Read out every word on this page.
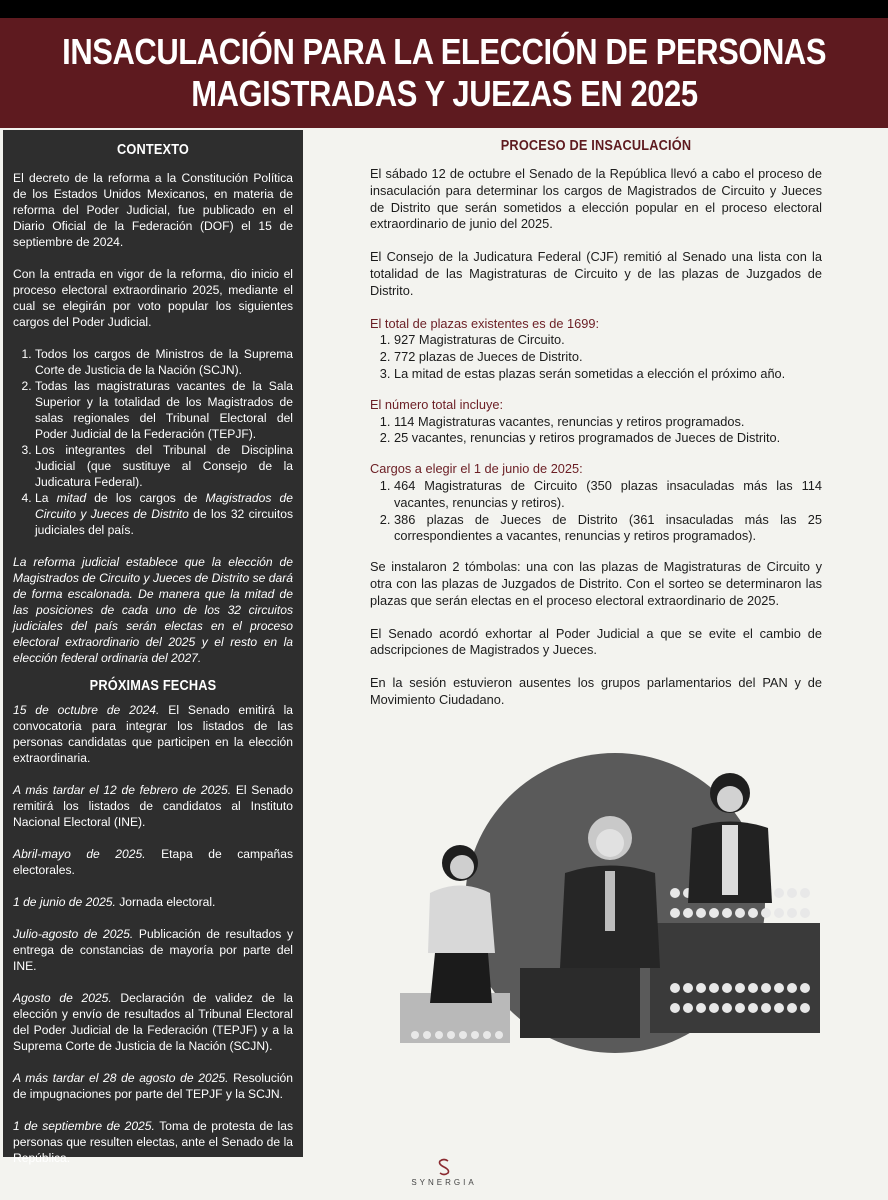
INSACULACIÓN PARA LA ELECCIÓN DE PERSONAS
MAGISTRADAS Y JUEZAS EN 2025
CONTEXTO

El decreto de la reforma a la Constitución Política de los Estados Unidos Mexicanos, en materia de reforma del Poder Judicial, fue publicado en el Diario Oficial de la Federación (DOF) el 15 de septiembre de 2024.

Con la entrada en vigor de la reforma, dio inicio el proceso electoral extraordinario 2025, mediante el cual se elegirán por voto popular los siguientes cargos del Poder Judicial.

1. Todos los cargos de Ministros de la Suprema Corte de Justicia de la Nación (SCJN).
2. Todas las magistraturas vacantes de la Sala Superior y la totalidad de los Magistrados de salas regionales del Tribunal Electoral del Poder Judicial de la Federación (TEPJF).
3. Los integrantes del Tribunal de Disciplina Judicial (que sustituye al Consejo de la Judicatura Federal).
4. La mitad de los cargos de Magistrados de Circuito y Jueces de Distrito de los 32 circuitos judiciales del país.

La reforma judicial establece que la elección de Magistrados de Circuito y Jueces de Distrito se dará de forma escalonada. De manera que la mitad de las posiciones de cada uno de los 32 circuitos judiciales del país serán electas en el proceso electoral extraordinario del 2025 y el resto en la elección federal ordinaria del 2027.

PRÓXIMAS FECHAS

15 de octubre de 2024. El Senado emitirá la convocatoria para integrar los listados de las personas candidatas que participen en la elección extraordinaria.

A más tardar el 12 de febrero de 2025. El Senado remitirá los listados de candidatos al Instituto Nacional Electoral (INE).

Abril-mayo de 2025. Etapa de campañas electorales.

1 de junio de 2025. Jornada electoral.

Julio-agosto de 2025. Publicación de resultados y entrega de constancias de mayoría por parte del INE.

Agosto de 2025. Declaración de validez de la elección y envío de resultados al Tribunal Electoral del Poder Judicial de la Federación (TEPJF) y a la Suprema Corte de Justicia de la Nación (SCJN).

A más tardar el 28 de agosto de 2025. Resolución de impugnaciones por parte del TEPJF y la SCJN.

1 de septiembre de 2025. Toma de protesta de las personas que resulten electas, ante el Senado de la República.

PROCESO DE INSACULACIÓN

El sábado 12 de octubre el Senado de la República llevó a cabo el proceso de insaculación para determinar los cargos de Magistrados de Circuito y Jueces de Distrito que serán sometidos a elección popular en el proceso electoral extraordinario de junio del 2025.

El Consejo de la Judicatura Federal (CJF) remitió al Senado una lista con la totalidad de las Magistraturas de Circuito y de las plazas de Juzgados de Distrito.

El total de plazas existentes es de 1699:
1. 927 Magistraturas de Circuito.
2. 772 plazas de Jueces de Distrito.
3. La mitad de estas plazas serán sometidas a elección el próximo año.
El número total incluye:
1. 114 Magistraturas vacantes, renuncias y retiros programados.
2. 25 vacantes, renuncias y retiros programados de Jueces de Distrito.
Cargos a elegir el 1 de junio de 2025:
1. 464 Magistraturas de Circuito (350 plazas insaculadas más las 114 vacantes, renuncias y retiros).
2. 386 plazas de Jueces de Distrito (361 insaculadas más las 25 correspondientes a vacantes, renuncias y retiros programados).

Se instalaron 2 tómbolas: una con las plazas de Magistraturas de Circuito y otra con las plazas de Juzgados de Distrito. Con el sorteo se determinaron las plazas que serán electas en el proceso electoral extraordinario de 2025.

El Senado acordó exhortar al Poder Judicial a que se evite el cambio de adscripciones de Magistrados y Jueces.

En la sesión estuvieron ausentes los grupos parlamentarios del PAN y de Movimiento Ciudadano.

SYNERGIA
